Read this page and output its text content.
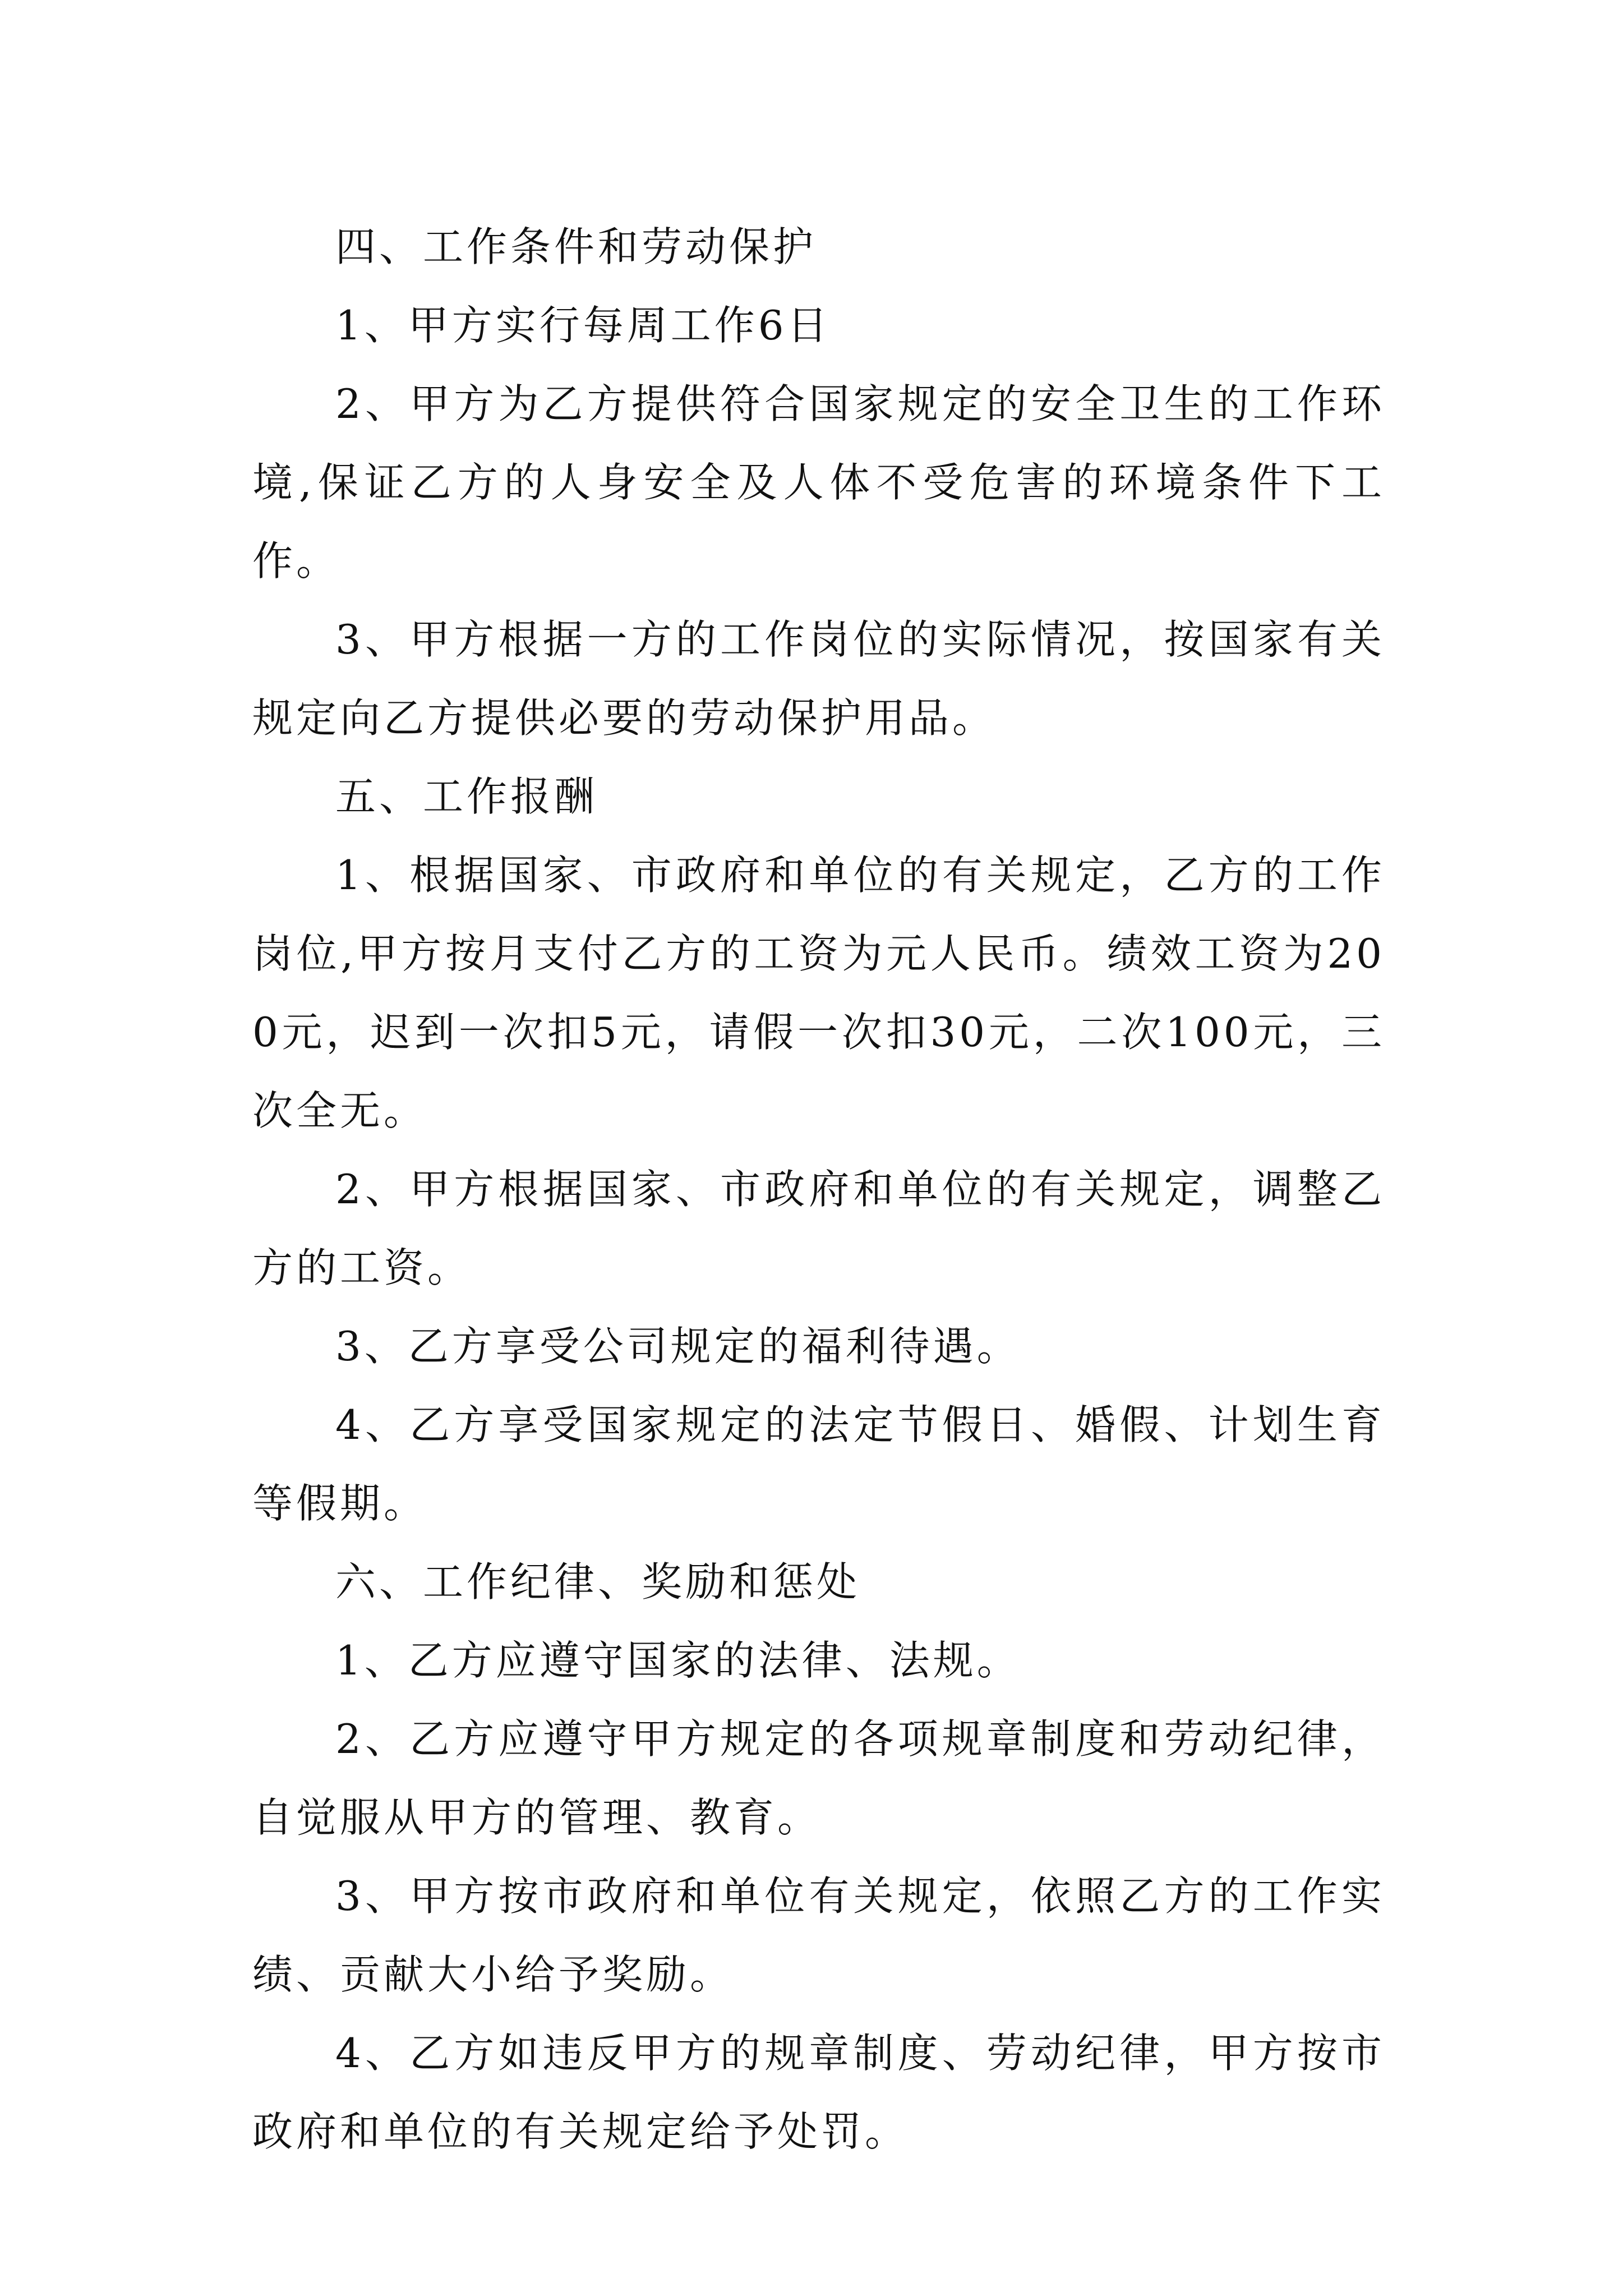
四、工作条件和劳动保护

1、甲方实行每周工作6日

2、甲方为乙方提供符合国家规定的安全卫生的工作环境,保证乙方的人身安全及人体不受危害的环境条件下工作。

3、甲方根据一方的工作岗位的实际情况，按国家有关规定向乙方提供必要的劳动保护用品。

五、工作报酬

1、根据国家、市政府和单位的有关规定，乙方的工作岗位,甲方按月支付乙方的工资为元人民币。绩效工资为200元，迟到一次扣5元，请假一次扣30元，二次100元，三次全无。

2、甲方根据国家、市政府和单位的有关规定，调整乙方的工资。

3、乙方享受公司规定的福利待遇。

4、乙方享受国家规定的法定节假日、婚假、计划生育等假期。

六、工作纪律、奖励和惩处

1、乙方应遵守国家的法律、法规。

2、乙方应遵守甲方规定的各项规章制度和劳动纪律，自觉服从甲方的管理、教育。

3、甲方按市政府和单位有关规定，依照乙方的工作实绩、贡献大小给予奖励。

4、乙方如违反甲方的规章制度、劳动纪律，甲方按市政府和单位的有关规定给予处罚。
